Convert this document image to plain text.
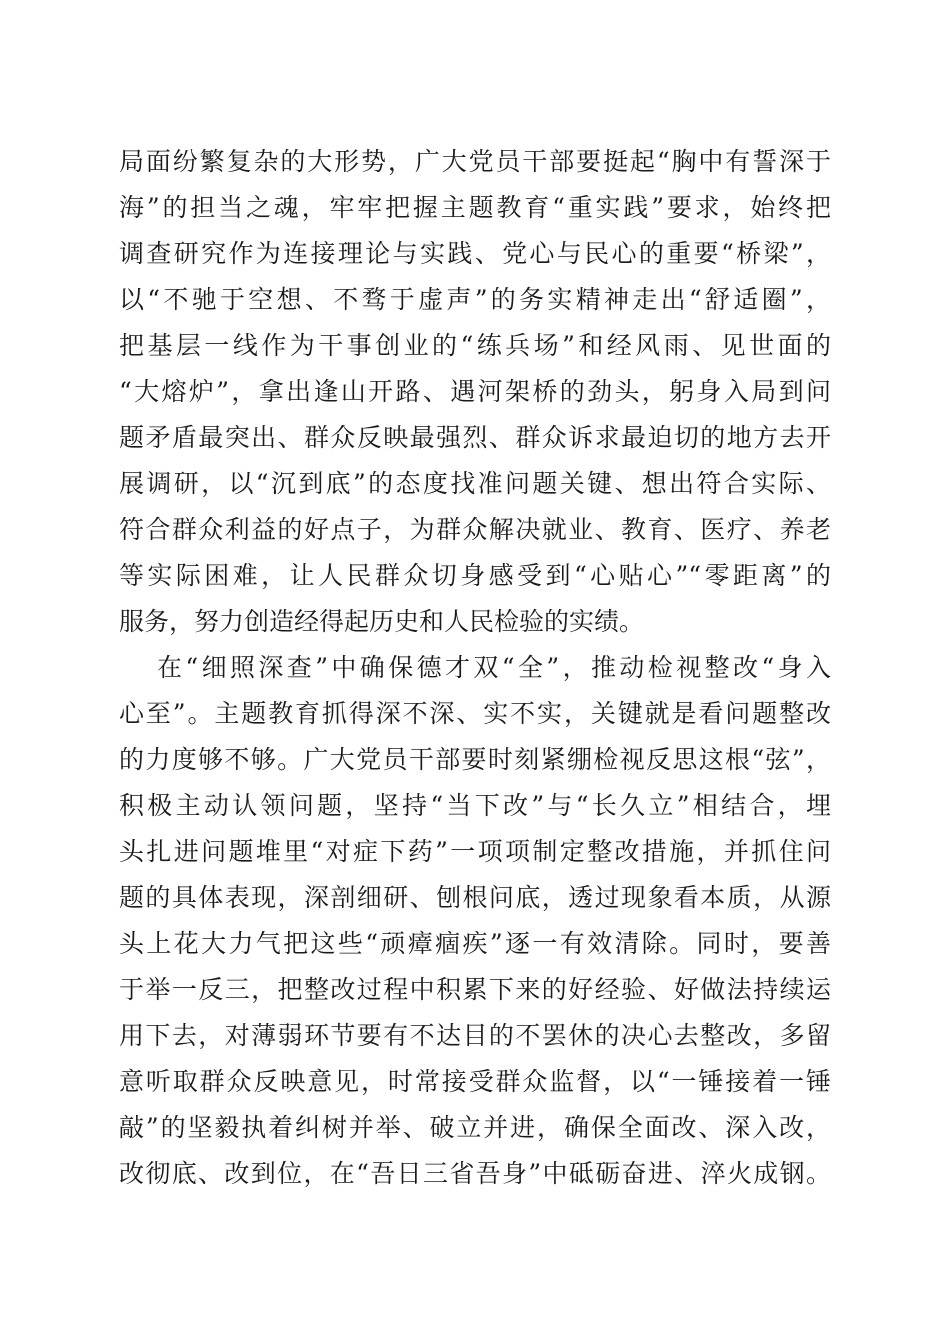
局面纷繁复杂的大形势，广大党员干部要挺起“胸中有誓深于
海”的担当之魂，牢牢把握主题教育“重实践”要求，始终把
调查研究作为连接理论与实践、党心与民心的重要“桥梁”，
以“不驰于空想、不骛于虚声”的务实精神走出“舒适圈”，
把基层一线作为干事创业的“练兵场”和经风雨、见世面的
“大熔炉”，拿出逢山开路、遇河架桥的劲头，躬身入局到问
题矛盾最突出、群众反映最强烈、群众诉求最迫切的地方去开
展调研，以“沉到底”的态度找准问题关键、想出符合实际、
符合群众利益的好点子，为群众解决就业、教育、医疗、养老
等实际困难，让人民群众切身感受到“心贴心”“零距离”的
服务，努力创造经得起历史和人民检验的实绩。
在“细照深查”中确保德才双“全”，推动检视整改“身入
心至”。主题教育抓得深不深、实不实，关键就是看问题整改
的力度够不够。广大党员干部要时刻紧绷检视反思这根“弦”，
积极主动认领问题，坚持“当下改”与“长久立”相结合，埋
头扎进问题堆里“对症下药”一项项制定整改措施，并抓住问
题的具体表现，深剖细研、刨根问底，透过现象看本质，从源
头上花大力气把这些“顽瘴痼疾”逐一有效清除。同时，要善
于举一反三，把整改过程中积累下来的好经验、好做法持续运
用下去，对薄弱环节要有不达目的不罢休的决心去整改，多留
意听取群众反映意见，时常接受群众监督，以“一锤接着一锤
敲”的坚毅执着纠树并举、破立并进，确保全面改、深入改，
改彻底、改到位，在“吾日三省吾身”中砥砺奋进、淬火成钢。
